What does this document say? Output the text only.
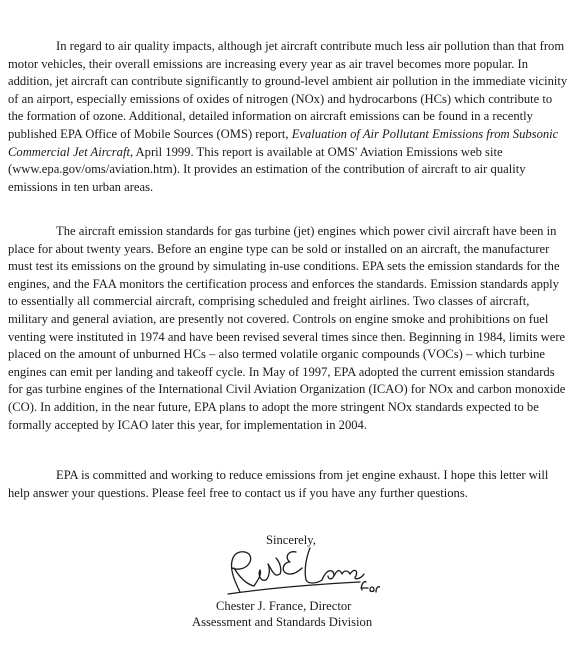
In regard to air quality impacts, although jet aircraft contribute much less air pollution than that from motor vehicles, their overall emissions are increasing every year as air travel becomes more popular. In addition, jet aircraft can contribute significantly to ground-level ambient air pollution in the immediate vicinity of an airport, especially emissions of oxides of nitrogen (NOx) and hydrocarbons (HCs) which contribute to the formation of ozone. Additional, detailed information on aircraft emissions can be found in a recently published EPA Office of Mobile Sources (OMS) report, Evaluation of Air Pollutant Emissions from Subsonic Commercial Jet Aircraft, April 1999. This report is available at OMS' Aviation Emissions web site (www.epa.gov/oms/aviation.htm). It provides an estimation of the contribution of aircraft to air quality emissions in ten urban areas.

The aircraft emission standards for gas turbine (jet) engines which power civil aircraft have been in place for about twenty years. Before an engine type can be sold or installed on an aircraft, the manufacturer must test its emissions on the ground by simulating in-use conditions. EPA sets the emission standards for the engines, and the FAA monitors the certification process and enforces the standards. Emission standards apply to essentially all commercial aircraft, comprising scheduled and freight airlines. Two classes of aircraft, military and general aviation, are presently not covered. Controls on engine smoke and prohibitions on fuel venting were instituted in 1974 and have been revised several times since then. Beginning in 1984, limits were placed on the amount of unburned HCs – also termed volatile organic compounds (VOCs) – which turbine engines can emit per landing and takeoff cycle. In May of 1997, EPA adopted the current emission standards for gas turbine engines of the International Civil Aviation Organization (ICAO) for NOx and carbon monoxide (CO). In addition, in the near future, EPA plans to adopt the more stringent NOx standards expected to be formally accepted by ICAO later this year, for implementation in 2004.

EPA is committed and working to reduce emissions from jet engine exhaust. I hope this letter will help answer your questions. Please feel free to contact us if you have any further questions.

Sincerely,
Chester J. France, Director
Assessment and Standards Division
